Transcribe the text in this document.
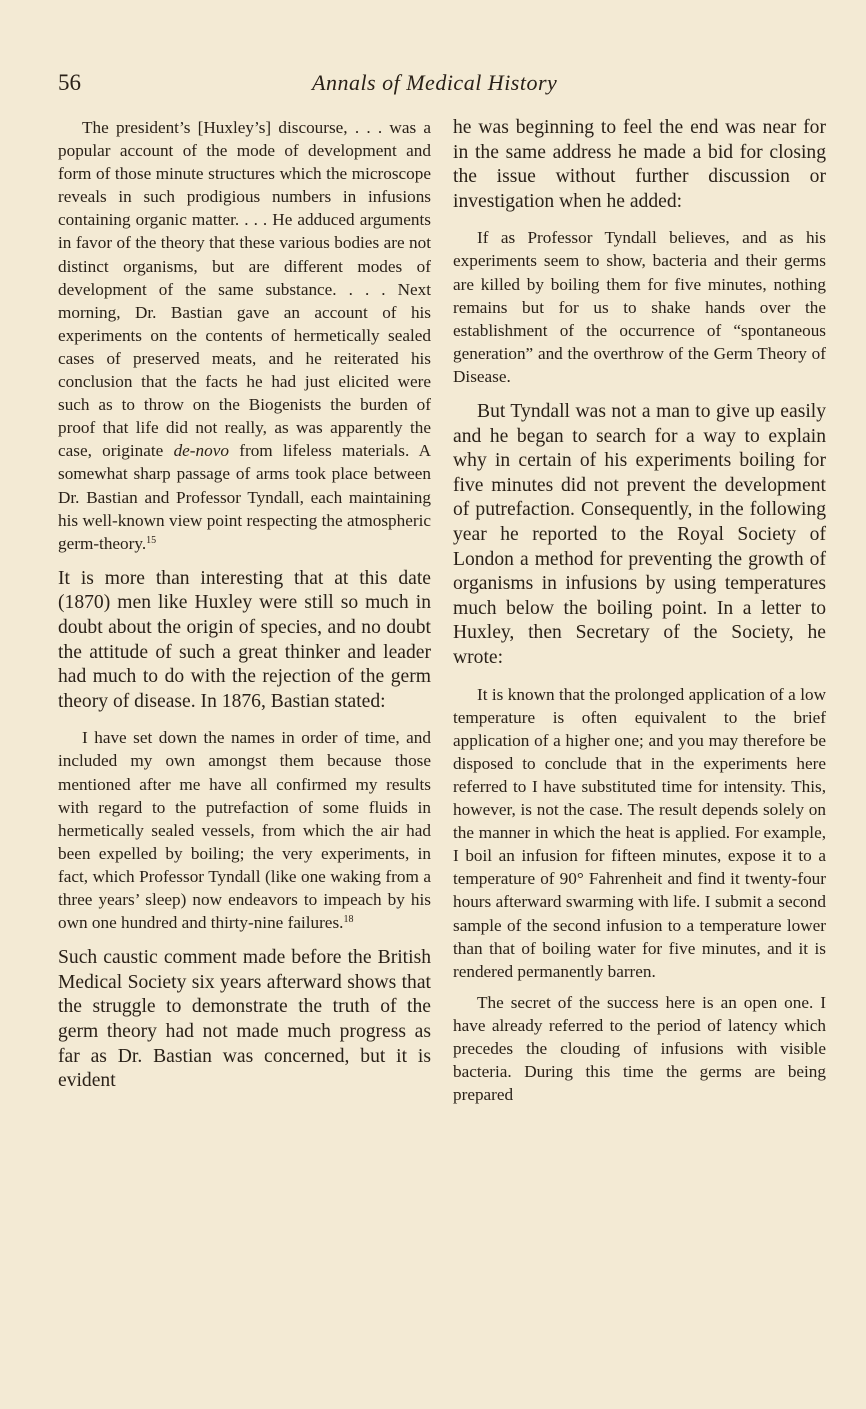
56	Annals of Medical History

The president’s [Huxley’s] discourse, . . . was a popular account of the mode of development and form of those minute structures which the microscope reveals in such prodigious numbers in infusions containing organic matter. . . . He adduced arguments in favor of the theory that these various bodies are not distinct organisms, but are different modes of development of the same substance. . . . Next morning, Dr. Bastian gave an account of his experiments on the contents of hermetically sealed cases of preserved meats, and he reiterated his conclusion that the facts he had just elicited were such as to throw on the Biogenists the burden of proof that life did not really, as was apparently the case, originate de-novo from lifeless materials. A somewhat sharp passage of arms took place between Dr. Bastian and Professor Tyndall, each maintaining his well-known view point respecting the atmospheric germ-theory.$^{15}$

It is more than interesting that at this date (1870) men like Huxley were still so much in doubt about the origin of species, and no doubt the attitude of such a great thinker and leader had much to do with the rejection of the germ theory of disease. In 1876, Bastian stated:

I have set down the names in order of time, and included my own amongst them because those mentioned after me have all confirmed my results with regard to the putrefaction of some fluids in hermetically sealed vessels, from which the air had been expelled by boiling; the very experiments, in fact, which Professor Tyndall (like one waking from a three years’ sleep) now endeavors to impeach by his own one hundred and thirty-nine failures.$^{18}$

Such caustic comment made before the British Medical Society six years afterward shows that the struggle to demonstrate the truth of the germ theory had not made much progress as far as Dr. Bastian was concerned, but it is evident

he was beginning to feel the end was near for in the same address he made a bid for closing the issue without further discussion or investigation when he added:

If as Professor Tyndall believes, and as his experiments seem to show, bacteria and their germs are killed by boiling them for five minutes, nothing remains but for us to shake hands over the establishment of the occurrence of “spontaneous generation” and the overthrow of the Germ Theory of Disease.

But Tyndall was not a man to give up easily and he began to search for a way to explain why in certain of his experiments boiling for five minutes did not prevent the development of putrefaction. Consequently, in the following year he reported to the Royal Society of London a method for preventing the growth of organisms in infusions by using temperatures much below the boiling point. In a letter to Huxley, then Secretary of the Society, he wrote:

It is known that the prolonged application of a low temperature is often equivalent to the brief application of a higher one; and you may therefore be disposed to conclude that in the experiments here referred to I have substituted time for intensity. This, however, is not the case. The result depends solely on the manner in which the heat is applied. For example, I boil an infusion for fifteen minutes, expose it to a temperature of 90° Fahrenheit and find it twenty-four hours afterward swarming with life. I submit a second sample of the second infusion to a temperature lower than that of boiling water for five minutes, and it is rendered permanently barren.

The secret of the success here is an open one. I have already referred to the period of latency which precedes the clouding of infusions with visible bacteria. During this time the germs are being prepared
